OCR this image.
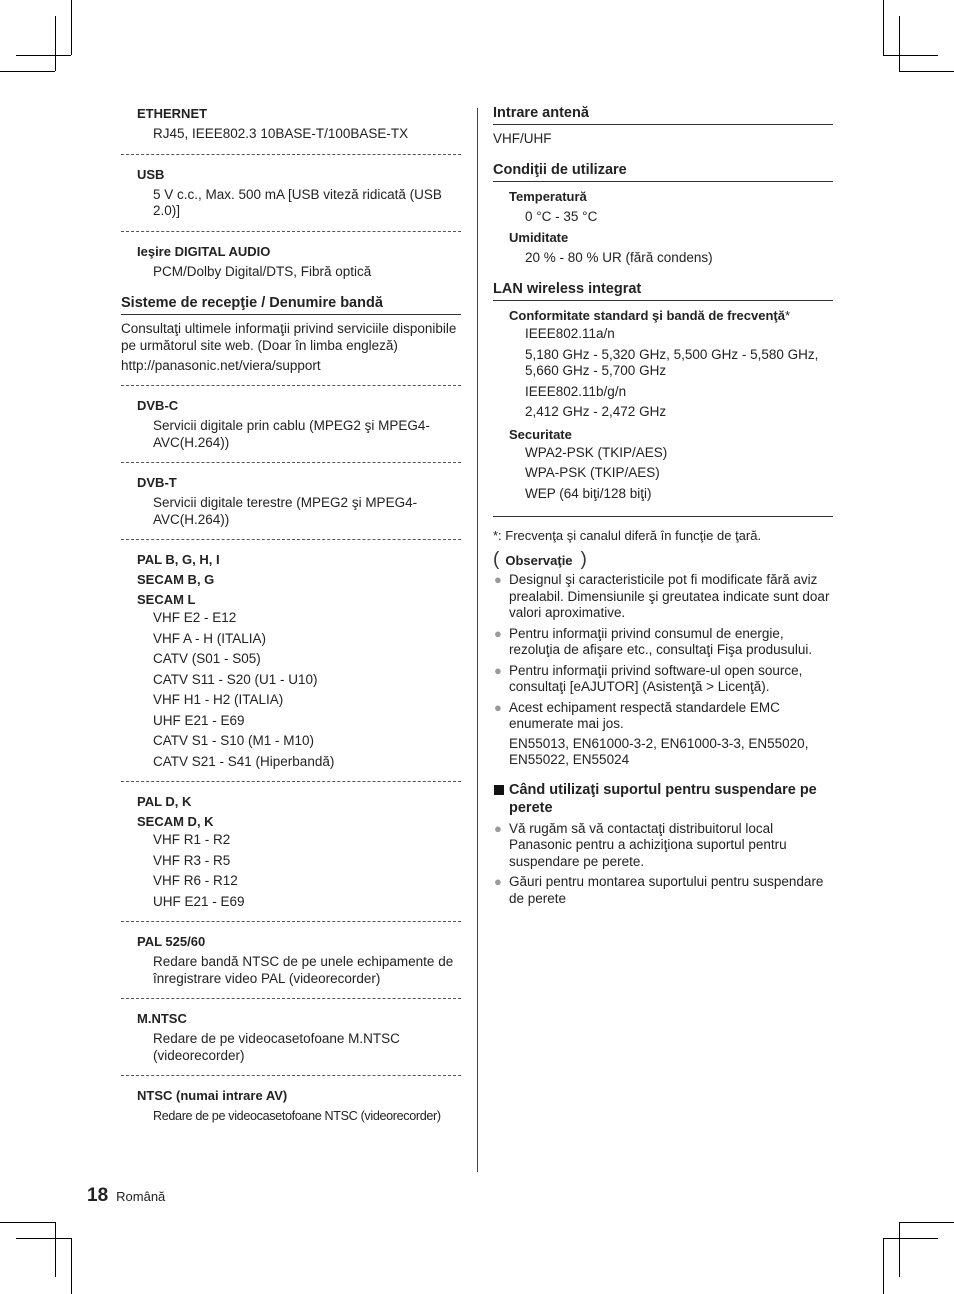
ETHERNET
RJ45, IEEE802.3 10BASE-T/100BASE-TX
USB
5 V c.c., Max. 500 mA [USB viteză ridicată (USB 2.0)]
Ieşire DIGITAL AUDIO
PCM/Dolby Digital/DTS, Fibră optică
Sisteme de recepţie / Denumire bandă
Consultaţi ultimele informaţii privind serviciile disponibile pe următorul site web. (Doar în limba engleză)
http://panasonic.net/viera/support
DVB-C
Servicii digitale prin cablu (MPEG2 şi MPEG4-AVC(H.264))
DVB-T
Servicii digitale terestre (MPEG2 şi MPEG4-AVC(H.264))
PAL B, G, H, I
SECAM B, G
SECAM L
VHF E2 - E12
VHF A - H (ITALIA)
CATV (S01 - S05)
CATV S11 - S20 (U1 - U10)
VHF H1 - H2 (ITALIA)
UHF E21 - E69
CATV S1 - S10 (M1 - M10)
CATV S21 - S41 (Hiperbandă)
PAL D, K
SECAM D, K
VHF R1 - R2
VHF R3 - R5
VHF R6 - R12
UHF E21 - E69
PAL 525/60
Redare bandă NTSC de pe unele echipamente de înregistrare video PAL (videorecorder)
M.NTSC
Redare de pe videocasetofoane M.NTSC (videorecorder)
NTSC (numai intrare AV)
Redare de pe videocasetofoane NTSC (videorecorder)
Intrare antenă
VHF/UHF
Condiţii de utilizare
Temperatură
0 °C - 35 °C
Umiditate
20 % - 80 % UR (fără condens)
LAN wireless integrat
Conformitate standard şi bandă de frecvenţă*
IEEE802.11a/n
5,180 GHz - 5,320 GHz, 5,500 GHz - 5,580 GHz, 5,660 GHz - 5,700 GHz
IEEE802.11b/g/n
2,412 GHz - 2,472 GHz
Securitate
WPA2-PSK (TKIP/AES)
WPA-PSK (TKIP/AES)
WEP (64 biţi/128 biţi)
*: Frecvenţa şi canalul diferă în funcţie de ţară.
( Observaţie )
● Designul şi caracteristicile pot fi modificate fără aviz prealabil. Dimensiunile şi greutatea indicate sunt doar valori aproximative.
● Pentru informaţii privind consumul de energie, rezoluţia de afişare etc., consultaţi Fişa produsului.
● Pentru informaţii privind software-ul open source, consultaţi [eAJUTOR] (Asistenţă > Licenţă).
● Acest echipament respectă standardele EMC enumerate mai jos.
EN55013, EN61000-3-2, EN61000-3-3, EN55020, EN55022, EN55024
Când utilizaţi suportul pentru suspendare pe perete
● Vă rugăm să vă contactaţi distribuitorul local Panasonic pentru a achiziţiona suportul pentru suspendare pe perete.
● Găuri pentru montarea suportului pentru suspendare de perete
18 Română
